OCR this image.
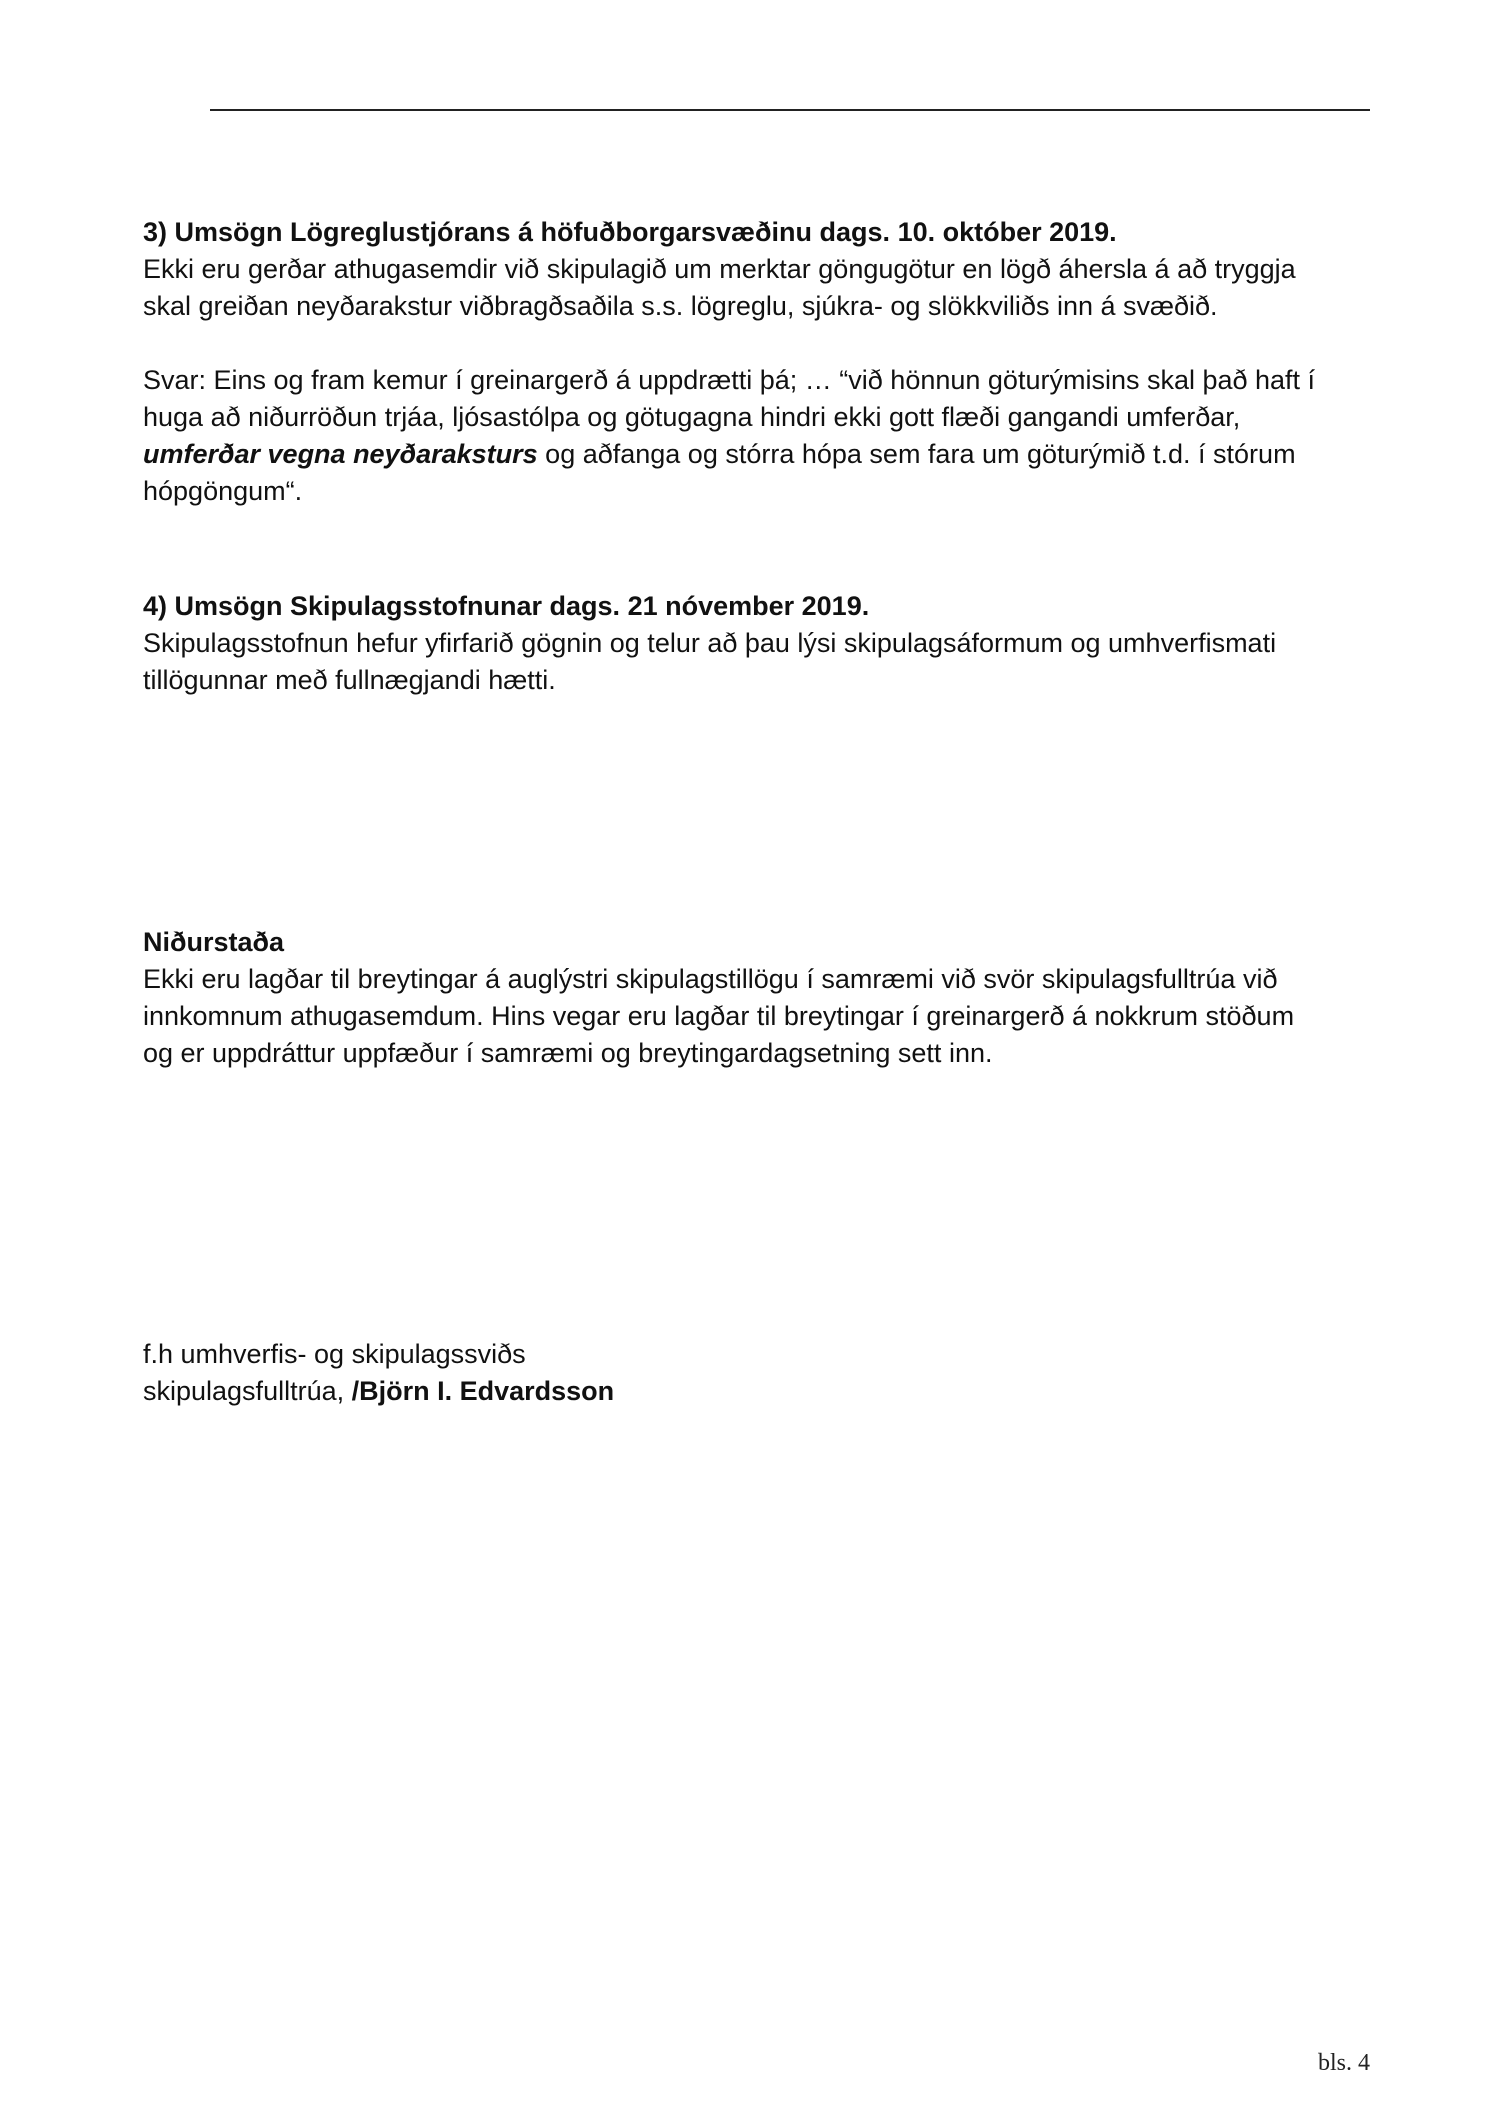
3) Umsögn Lögreglustjórans á höfuðborgarsvæðinu dags. 10. október 2019.

Ekki eru gerðar athugasemdir við skipulagið um merktar göngugötur en lögð áhersla á að tryggja

skal greiðan neyðarakstur viðbragðsaðila s.s. lögreglu, sjúkra- og slökkviliðs inn á svæðið.

Svar: Eins og fram kemur í greinargerð á uppdrætti þá; … “við hönnun göturýmisins skal það haft í

huga að niðurröðun trjáa, ljósastólpa og götugagna hindri ekki gott flæði gangandi umferðar,

umferðar vegna neyðaraksturs og aðfanga og stórra hópa sem fara um göturýmið t.d. í stórum

hópgöngum“.

4) Umsögn Skipulagsstofnunar dags. 21 nóvember 2019.

Skipulagsstofnun hefur yfirfarið gögnin og telur að þau lýsi skipulagsáformum og umhverfismati

tillögunnar með fullnægjandi hætti.

Niðurstaða

Ekki eru lagðar til breytingar á auglýstri skipulagstillögu í samræmi við svör skipulagsfulltrúa við

innkomnum athugasemdum. Hins vegar eru lagðar til breytingar í greinargerð á nokkrum stöðum

og er uppdráttur uppfæður í samræmi og breytingardagsetning sett inn.

f.h umhverfis- og skipulagssviðs

skipulagsfulltrúa, /Björn I. Edvardsson

bls. 4
